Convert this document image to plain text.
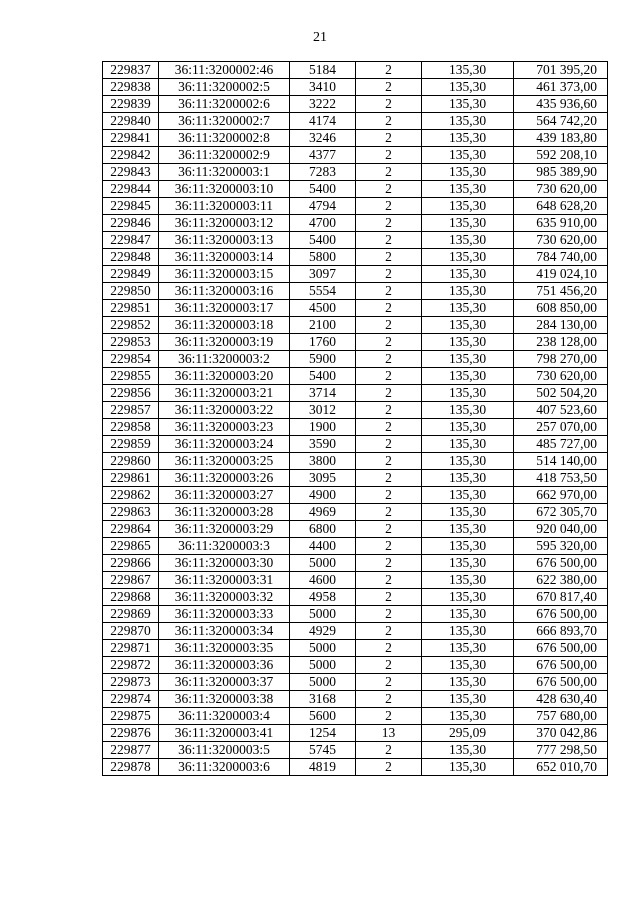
21
229837	36:11:3200002:46	5184	2	135,30	701 395,20
229838	36:11:3200002:5	3410	2	135,30	461 373,00
229839	36:11:3200002:6	3222	2	135,30	435 936,60
229840	36:11:3200002:7	4174	2	135,30	564 742,20
229841	36:11:3200002:8	3246	2	135,30	439 183,80
229842	36:11:3200002:9	4377	2	135,30	592 208,10
229843	36:11:3200003:1	7283	2	135,30	985 389,90
229844	36:11:3200003:10	5400	2	135,30	730 620,00
229845	36:11:3200003:11	4794	2	135,30	648 628,20
229846	36:11:3200003:12	4700	2	135,30	635 910,00
229847	36:11:3200003:13	5400	2	135,30	730 620,00
229848	36:11:3200003:14	5800	2	135,30	784 740,00
229849	36:11:3200003:15	3097	2	135,30	419 024,10
229850	36:11:3200003:16	5554	2	135,30	751 456,20
229851	36:11:3200003:17	4500	2	135,30	608 850,00
229852	36:11:3200003:18	2100	2	135,30	284 130,00
229853	36:11:3200003:19	1760	2	135,30	238 128,00
229854	36:11:3200003:2	5900	2	135,30	798 270,00
229855	36:11:3200003:20	5400	2	135,30	730 620,00
229856	36:11:3200003:21	3714	2	135,30	502 504,20
229857	36:11:3200003:22	3012	2	135,30	407 523,60
229858	36:11:3200003:23	1900	2	135,30	257 070,00
229859	36:11:3200003:24	3590	2	135,30	485 727,00
229860	36:11:3200003:25	3800	2	135,30	514 140,00
229861	36:11:3200003:26	3095	2	135,30	418 753,50
229862	36:11:3200003:27	4900	2	135,30	662 970,00
229863	36:11:3200003:28	4969	2	135,30	672 305,70
229864	36:11:3200003:29	6800	2	135,30	920 040,00
229865	36:11:3200003:3	4400	2	135,30	595 320,00
229866	36:11:3200003:30	5000	2	135,30	676 500,00
229867	36:11:3200003:31	4600	2	135,30	622 380,00
229868	36:11:3200003:32	4958	2	135,30	670 817,40
229869	36:11:3200003:33	5000	2	135,30	676 500,00
229870	36:11:3200003:34	4929	2	135,30	666 893,70
229871	36:11:3200003:35	5000	2	135,30	676 500,00
229872	36:11:3200003:36	5000	2	135,30	676 500,00
229873	36:11:3200003:37	5000	2	135,30	676 500,00
229874	36:11:3200003:38	3168	2	135,30	428 630,40
229875	36:11:3200003:4	5600	2	135,30	757 680,00
229876	36:11:3200003:41	1254	13	295,09	370 042,86
229877	36:11:3200003:5	5745	2	135,30	777 298,50
229878	36:11:3200003:6	4819	2	135,30	652 010,70
